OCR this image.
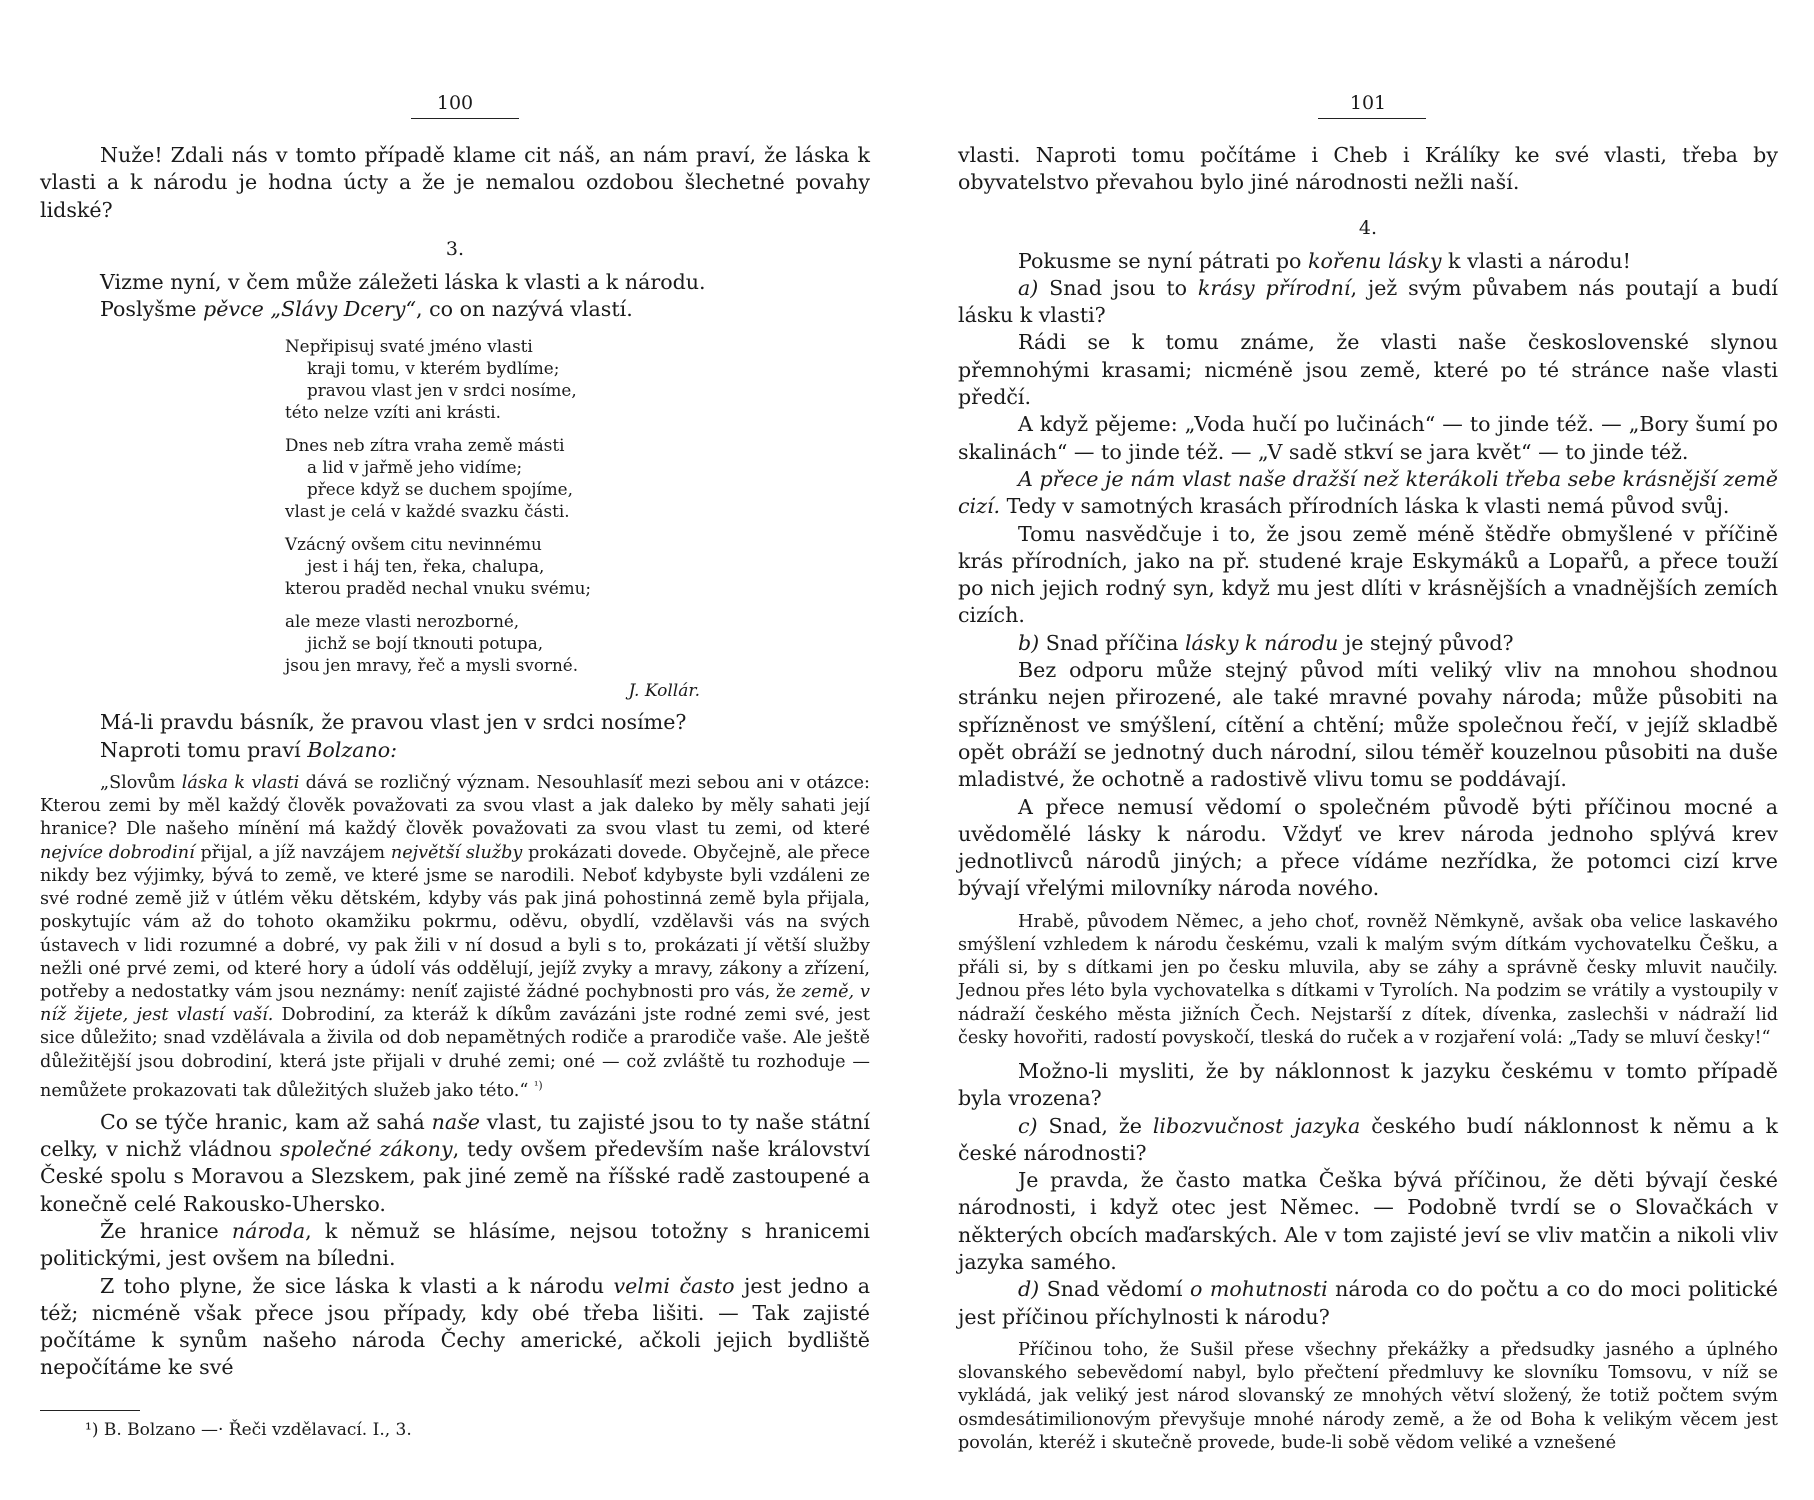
100

Nuže! Zdali nás v tomto případě klame cit náš, an nám praví, že láska k vlasti a k národu je hodna úcty a že je nemalou ozdobou šlechetné povahy lidské?

3.

Vizme nyní, v čem může záležeti láska k vlasti a k národu.

Poslyšme pěvce „Slávy Dcery“, co on nazývá vlastí.

Nepřipisuj svaté jméno vlasti
kraji tomu, v kterém bydlíme;
pravou vlast jen v srdci nosíme,
této nelze vzíti ani krásti.
Dnes neb zítra vraha země másti
a lid v jařmě jeho vidíme;
přece když se duchem spojíme,
vlast je celá v každé svazku části.
Vzácný ovšem citu nevinnému
jest i háj ten, řeka, chalupa,
kterou praděd nechal vnuku svému;
ale meze vlasti nerozborné,
jichž se bojí tknouti potupa,
jsou jen mravy, řeč a mysli svorné.
J. Kollár.

Má-li pravdu básník, že pravou vlast jen v srdci nosíme?

Naproti tomu praví Bolzano:

„Slovům láska k vlasti dává se rozličný význam. Nesouhlasíť mezi sebou ani v otázce: Kterou zemi by měl každý člověk považovati za svou vlast a jak daleko by měly sahati její hranice? Dle našeho mínění má každý člověk považovati za svou vlast tu zemi, od které nejvíce dobrodiní přijal, a jíž navzájem největší služby prokázati dovede. Obyčejně, ale přece nikdy bez výjimky, bývá to země, ve které jsme se narodili. Neboť kdybyste byli vzdáleni ze své rodné země již v útlém věku dětském, kdyby vás pak jiná pohostinná země byla přijala, poskytujíc vám až do tohoto okamžiku pokrmu, oděvu, obydlí, vzdělavši vás na svých ústavech v lidi rozumné a dobré, vy pak žili v ní dosud a byli s to, prokázati jí větší služby nežli oné prvé zemi, od které hory a údolí vás oddělují, jejíž zvyky a mravy, zákony a zřízení, potřeby a nedostatky vám jsou neznámy: neníť zajisté žádné pochybnosti pro vás, že země, v níž žijete, jest vlastí vaší. Dobrodiní, za kteráž k díkům zavázáni jste rodné zemi své, jest sice důležito; snad vzdělávala a živila od dob nepamětných rodiče a prarodiče vaše. Ale ještě důležitější jsou dobrodiní, která jste přijali v druhé zemi; oné — což zvláště tu rozhoduje — nemůžete prokazovati tak důležitých služeb jako této.“ $^{^1)}$

Co se týče hranic, kam až sahá naše vlast, tu zajisté jsou to ty naše státní celky, v nichž vládnou společné zákony, tedy ovšem především naše království České spolu s Moravou a Slezskem, pak jiné země na říšské radě zastoupené a konečně celé Rakousko-Uhersko.

Že hranice národa, k němuž se hlásíme, nejsou totožny s hranicemi politickými, jest ovšem na bíledni.

Z toho plyne, že sice láska k vlasti a k národu velmi často jest jedno a též; nicméně však přece jsou případy, kdy obé třeba lišiti. — Tak zajisté počítáme k synům našeho národa Čechy americké, ačkoli jejich bydliště nepočítáme ke své

¹) B. Bolzano —· Řeči vzdělavací. I., 3.
101

vlasti. Naproti tomu počítáme i Cheb i Králíky ke své vlasti, třeba by obyvatelstvo převahou bylo jiné národnosti nežli naší.

4.

Pokusme se nyní pátrati po kořenu lásky k vlasti a národu!

a) Snad jsou to krásy přírodní, jež svým půvabem nás poutají a budí lásku k vlasti?

Rádi se k tomu známe, že vlasti naše československé slynou přemnohými krasami; nicméně jsou země, které po té stránce naše vlasti předčí.

A když pějeme: „Voda hučí po lučinách“ — to jinde též. — „Bory šumí po skalinách“ — to jinde též. — „V sadě stkví se jara květ“ — to jinde též.

A přece je nám vlast naše dražší než kterákoli třeba sebe krásnější země cizí. Tedy v samotných krasách přírodních láska k vlasti nemá původ svůj.

Tomu nasvědčuje i to, že jsou země méně štědře obmyšlené v příčině krás přírodních, jako na př. studené kraje Eskymáků a Lopařů, a přece touží po nich jejich rodný syn, když mu jest dlíti v krásnějších a vnadnějších zemích cizích.

b) Snad příčina lásky k národu je stejný původ?

Bez odporu může stejný původ míti veliký vliv na mnohou shodnou stránku nejen přirozené, ale také mravné povahy národa; může působiti na spřízněnost ve smýšlení, cítění a chtění; může společnou řečí, v jejíž skladbě opět obráží se jednotný duch národní, silou téměř kouzelnou působiti na duše mladistvé, že ochotně a radostivě vlivu tomu se poddávají.

A přece nemusí vědomí o společném původě býti příčinou mocné a uvědomělé lásky k národu. Vždyť ve krev národa jednoho splývá krev jednotlivců národů jiných; a přece vídáme nezřídka, že potomci cizí krve bývají vřelými milovníky národa nového.

Hrabě, původem Němec, a jeho choť, rovněž Němkyně, avšak oba velice laskavého smýšlení vzhledem k národu českému, vzali k malým svým dítkám vychovatelku Češku, a přáli si, by s dítkami jen po česku mluvila, aby se záhy a správně česky mluvit naučily. Jednou přes léto byla vychovatelka s dítkami v Tyrolích. Na podzim se vrátily a vystoupily v nádraží českého města jižních Čech. Nejstarší z dítek, dívenka, zaslechši v nádraží lid česky hovořiti, radostí povyskočí, tleská do ruček a v rozjaření volá: „Tady se mluví česky!“

Možno-li mysliti, že by náklonnost k jazyku českému v tomto případě byla vrozena?

c) Snad, že libozvučnost jazyka českého budí náklonnost k němu a k české národnosti?

Je pravda, že často matka Češka bývá příčinou, že děti bývají české národnosti, i když otec jest Němec. — Podobně tvrdí se o Slovačkách v některých obcích maďarských. Ale v tom zajisté jeví se vliv matčin a nikoli vliv jazyka samého.

d) Snad vědomí o mohutnosti národa co do počtu a co do moci politické jest příčinou příchylnosti k národu?

Příčinou toho, že Sušil přese všechny překážky a předsudky jasného a úplného slovanského sebevědomí nabyl, bylo přečtení předmluvy ke slovníku Tomsovu, v níž se vykládá, jak veliký jest národ slovanský ze mnohých větví složený, že totiž počtem svým osmdesátimilionovým převyšuje mnohé národy země, a že od Boha k velikým věcem jest povolán, kteréž i skutečně provede, bude-li sobě vědom veliké a vznešené
